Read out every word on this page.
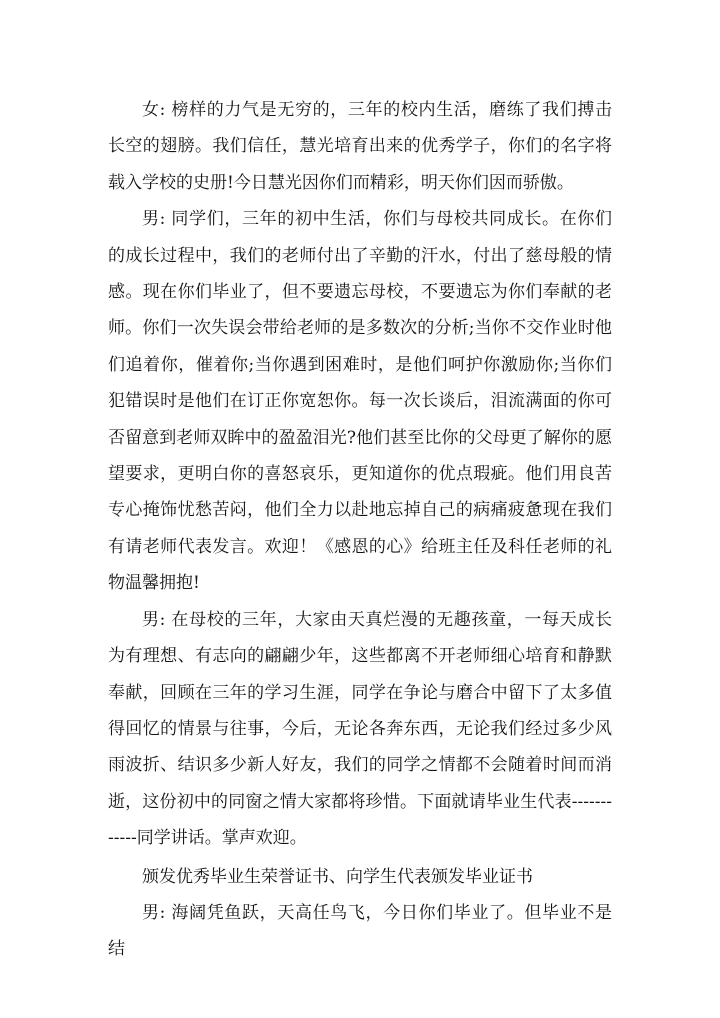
女: 榜样的力气是无穷的，三年的校内生活，磨练了我们搏击长空的翅膀。我们信任，慧光培育出来的优秀学子，你们的名字将载入学校的史册!今日慧光因你们而精彩，明天你们因而骄傲。

男: 同学们，三年的初中生活，你们与母校共同成长。在你们的成长过程中，我们的老师付出了辛勤的汗水，付出了慈母般的情感。现在你们毕业了，但不要遗忘母校，不要遗忘为你们奉献的老师。你们一次失误会带给老师的是多数次的分析;当你不交作业时他们追着你，催着你;当你遇到困难时，是他们呵护你激励你;当你们犯错误时是他们在订正你宽恕你。每一次长谈后，泪流满面的你可否留意到老师双眸中的盈盈泪光?他们甚至比你的父母更了解你的愿望要求，更明白你的喜怒哀乐，更知道你的优点瑕疵。他们用良苦专心掩饰忧愁苦闷，他们全力以赴地忘掉自己的病痛疲惫现在我们有请老师代表发言。欢迎！《感恩的心》给班主任及科任老师的礼物温馨拥抱!

男: 在母校的三年，大家由天真烂漫的无趣孩童，一每天成长为有理想、有志向的翩翩少年，这些都离不开老师细心培育和静默奉献，回顾在三年的学习生涯，同学在争论与磨合中留下了太多值得回忆的情景与往事，今后，无论各奔东西，无论我们经过多少风雨波折、结识多少新人好友，我们的同学之情都不会随着时间而消逝，这份初中的同窗之情大家都将珍惜。下面就请毕业生代表------------同学讲话。掌声欢迎。

颁发优秀毕业生荣誉证书、向学生代表颁发毕业证书

男: 海阔凭鱼跃，天高任鸟飞，今日你们毕业了。但毕业不是结
